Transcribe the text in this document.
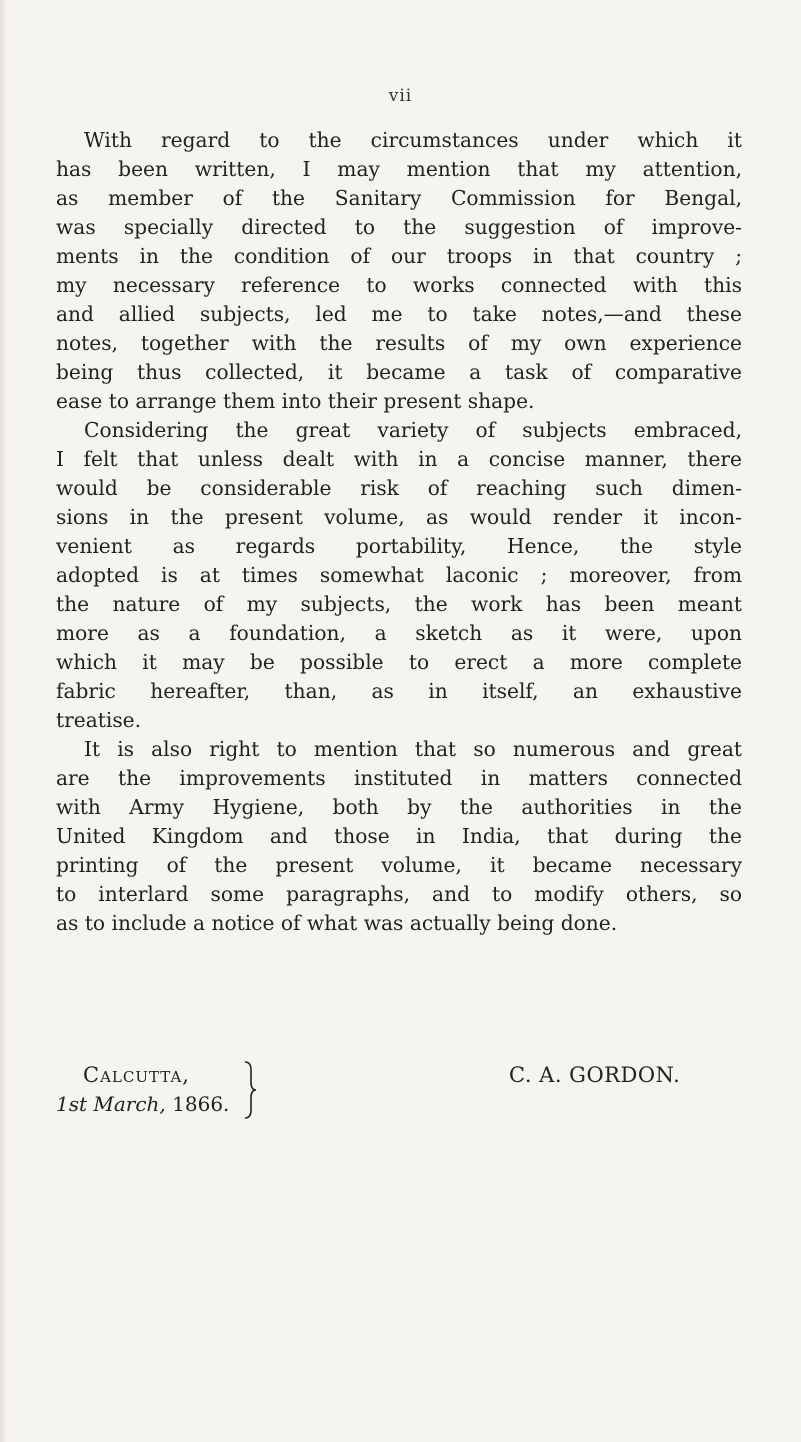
vii
With regard to the circumstances under which it
has been written, I may mention that my attention,
as member of the Sanitary Commission for Bengal,
was specially directed to the suggestion of improve-
ments in the condition of our troops in that country ;
my necessary reference to works connected with this
and allied subjects, led me to take notes,—and these
notes, together with the results of my own experience
being thus collected, it became a task of comparative
ease to arrange them into their present shape.
Considering the great variety of subjects embraced,
I felt that unless dealt with in a concise manner, there
would be considerable risk of reaching such dimen-
sions in the present volume, as would render it incon-
venient as regards portability, Hence, the style
adopted is at times somewhat laconic ; moreover, from
the nature of my subjects, the work has been meant
more as a foundation, a sketch as it were, upon
which it may be possible to erect a more complete
fabric hereafter, than, as in itself, an exhaustive
treatise.
It is also right to mention that so numerous and great
are the improvements instituted in matters connected
with Army Hygiene, both by the authorities in the
United Kingdom and those in India, that during the
printing of the present volume, it became necessary
to interlard some paragraphs, and to modify others, so
as to include a notice of what was actually being done.
Calcutta,
1st March, 1866.
C. A. GORDON.
